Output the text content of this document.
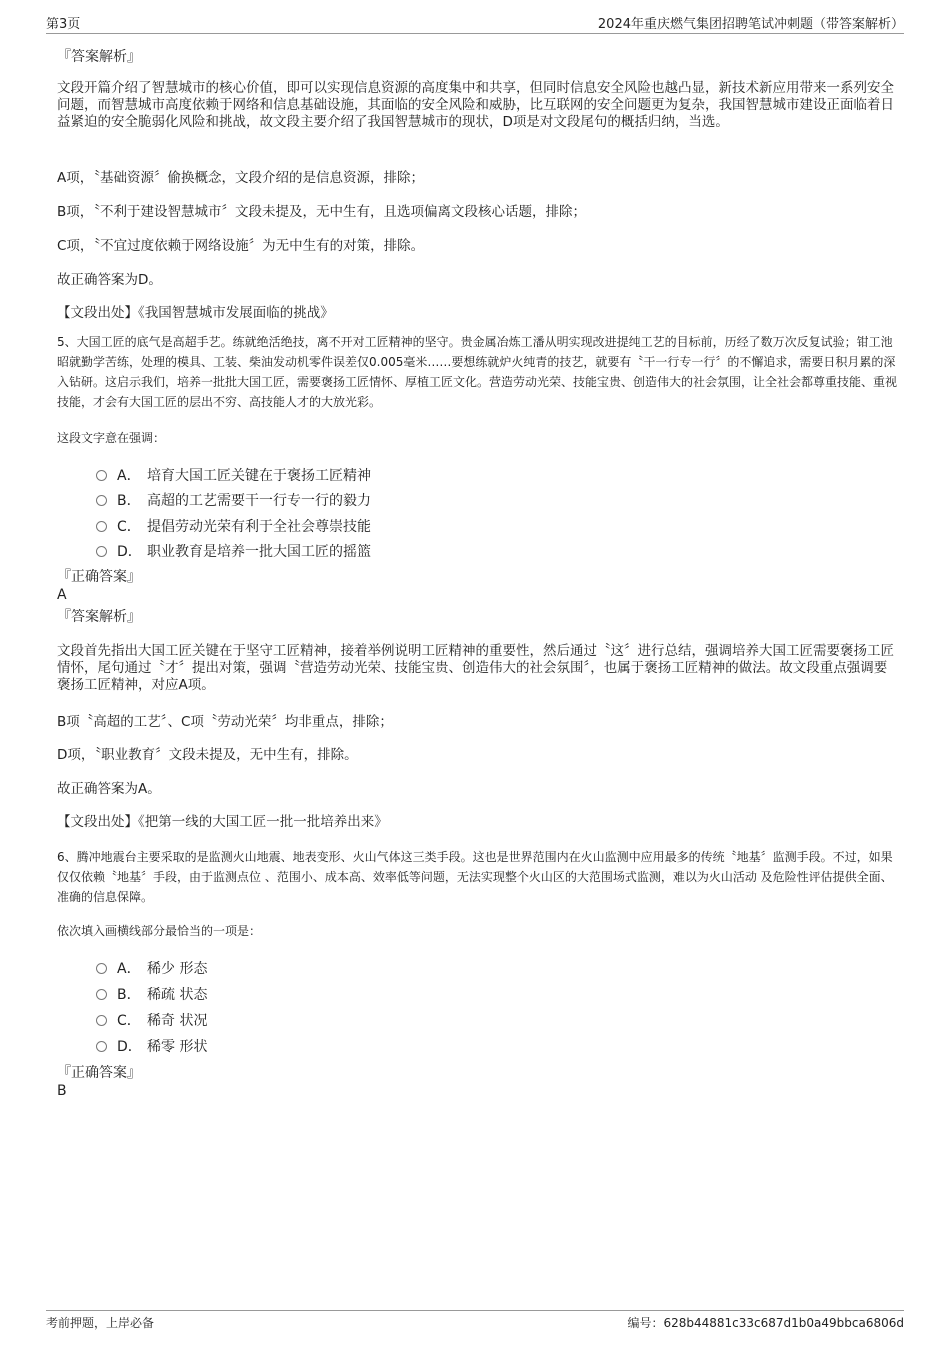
第3页	2024年重庆燃气集团招聘笔试冲刺题（带答案解析）
『答案解析』

文段开篇介绍了智慧城市的核心价值，即可以实现信息资源的高度集中和共享，但同时信息安全风险也越凸显，新技术新应用带来一系列安全问题，而智慧城市高度依赖于网络和信息基础设施，其面临的安全风险和威胁，比互联网的安全问题更为复杂，我国智慧城市建设正面临着日益紧迫的安全脆弱化风险和挑战，故文段主要介绍了我国智慧城市的现状，D项是对文段尾句的概括归纳，当选。

A项，〝基础资源〞偷换概念，文段介绍的是信息资源，排除；

B项，〝不利于建设智慧城市〞文段未提及，无中生有，且选项偏离文段核心话题，排除；

C项，〝不宜过度依赖于网络设施〞为无中生有的对策，排除。

故正确答案为D。

【文段出处】《我国智慧城市发展面临的挑战》

5、大国工匠的底气是高超手艺。练就绝活绝技，离不开对工匠精神的坚守。贵金属冶炼工潘从明实现改进提纯工艺的目标前，历经了数万次反复试验；钳工池昭就勤学苦练，处理的模具、工装、柴油发动机零件误差仅0.005毫米……要想练就炉火纯青的技艺，就要有〝干一行专一行〞的不懈追求，需要日积月累的深入钻研。这启示我们，培养一批批大国工匠，需要褒扬工匠情怀、厚植工匠文化。营造劳动光荣、技能宝贵、创造伟大的社会氛围，让全社会都尊重技能、重视技能，才会有大国工匠的层出不穷、高技能人才的大放光彩。

这段文字意在强调：
A． 培育大国工匠关键在于褒扬工匠精神
B． 高超的工艺需要干一行专一行的毅力
C． 提倡劳动光荣有利于全社会尊崇技能
D． 职业教育是培养一批大国工匠的摇篮
『正确答案』
A
『答案解析』

文段首先指出大国工匠关键在于坚守工匠精神，接着举例说明工匠精神的重要性，然后通过〝这〞进行总结，强调培养大国工匠需要褒扬工匠情怀，尾句通过〝才〞提出对策，强调〝营造劳动光荣、技能宝贵、创造伟大的社会氛围〞，也属于褒扬工匠精神的做法。故文段重点强调要褒扬工匠精神，对应A项。

B项〝高超的工艺〞、C项〝劳动光荣〞均非重点，排除；

D项，〝职业教育〞文段未提及，无中生有，排除。

故正确答案为A。

【文段出处】《把第一线的大国工匠一批一批培养出来》

6、腾冲地震台主要采取的是监测火山地震、地表变形、火山气体这三类手段。这也是世界范围内在火山监测中应用最多的传统〝地基〞监测手段。不过，如果仅仅依赖〝地基〞手段，由于监测点位 、范围小、成本高、效率低等问题，无法实现整个火山区的大范围场式监测，难以为火山活动 及危险性评估提供全面、准确的信息保障。

依次填入画横线部分最恰当的一项是：
A． 稀少 形态
B． 稀疏 状态
C． 稀奇 状况
D． 稀零 形状
『正确答案』
B
考前押题，上岸必备	编号：628b44881c33c687d1b0a49bbca6806d
